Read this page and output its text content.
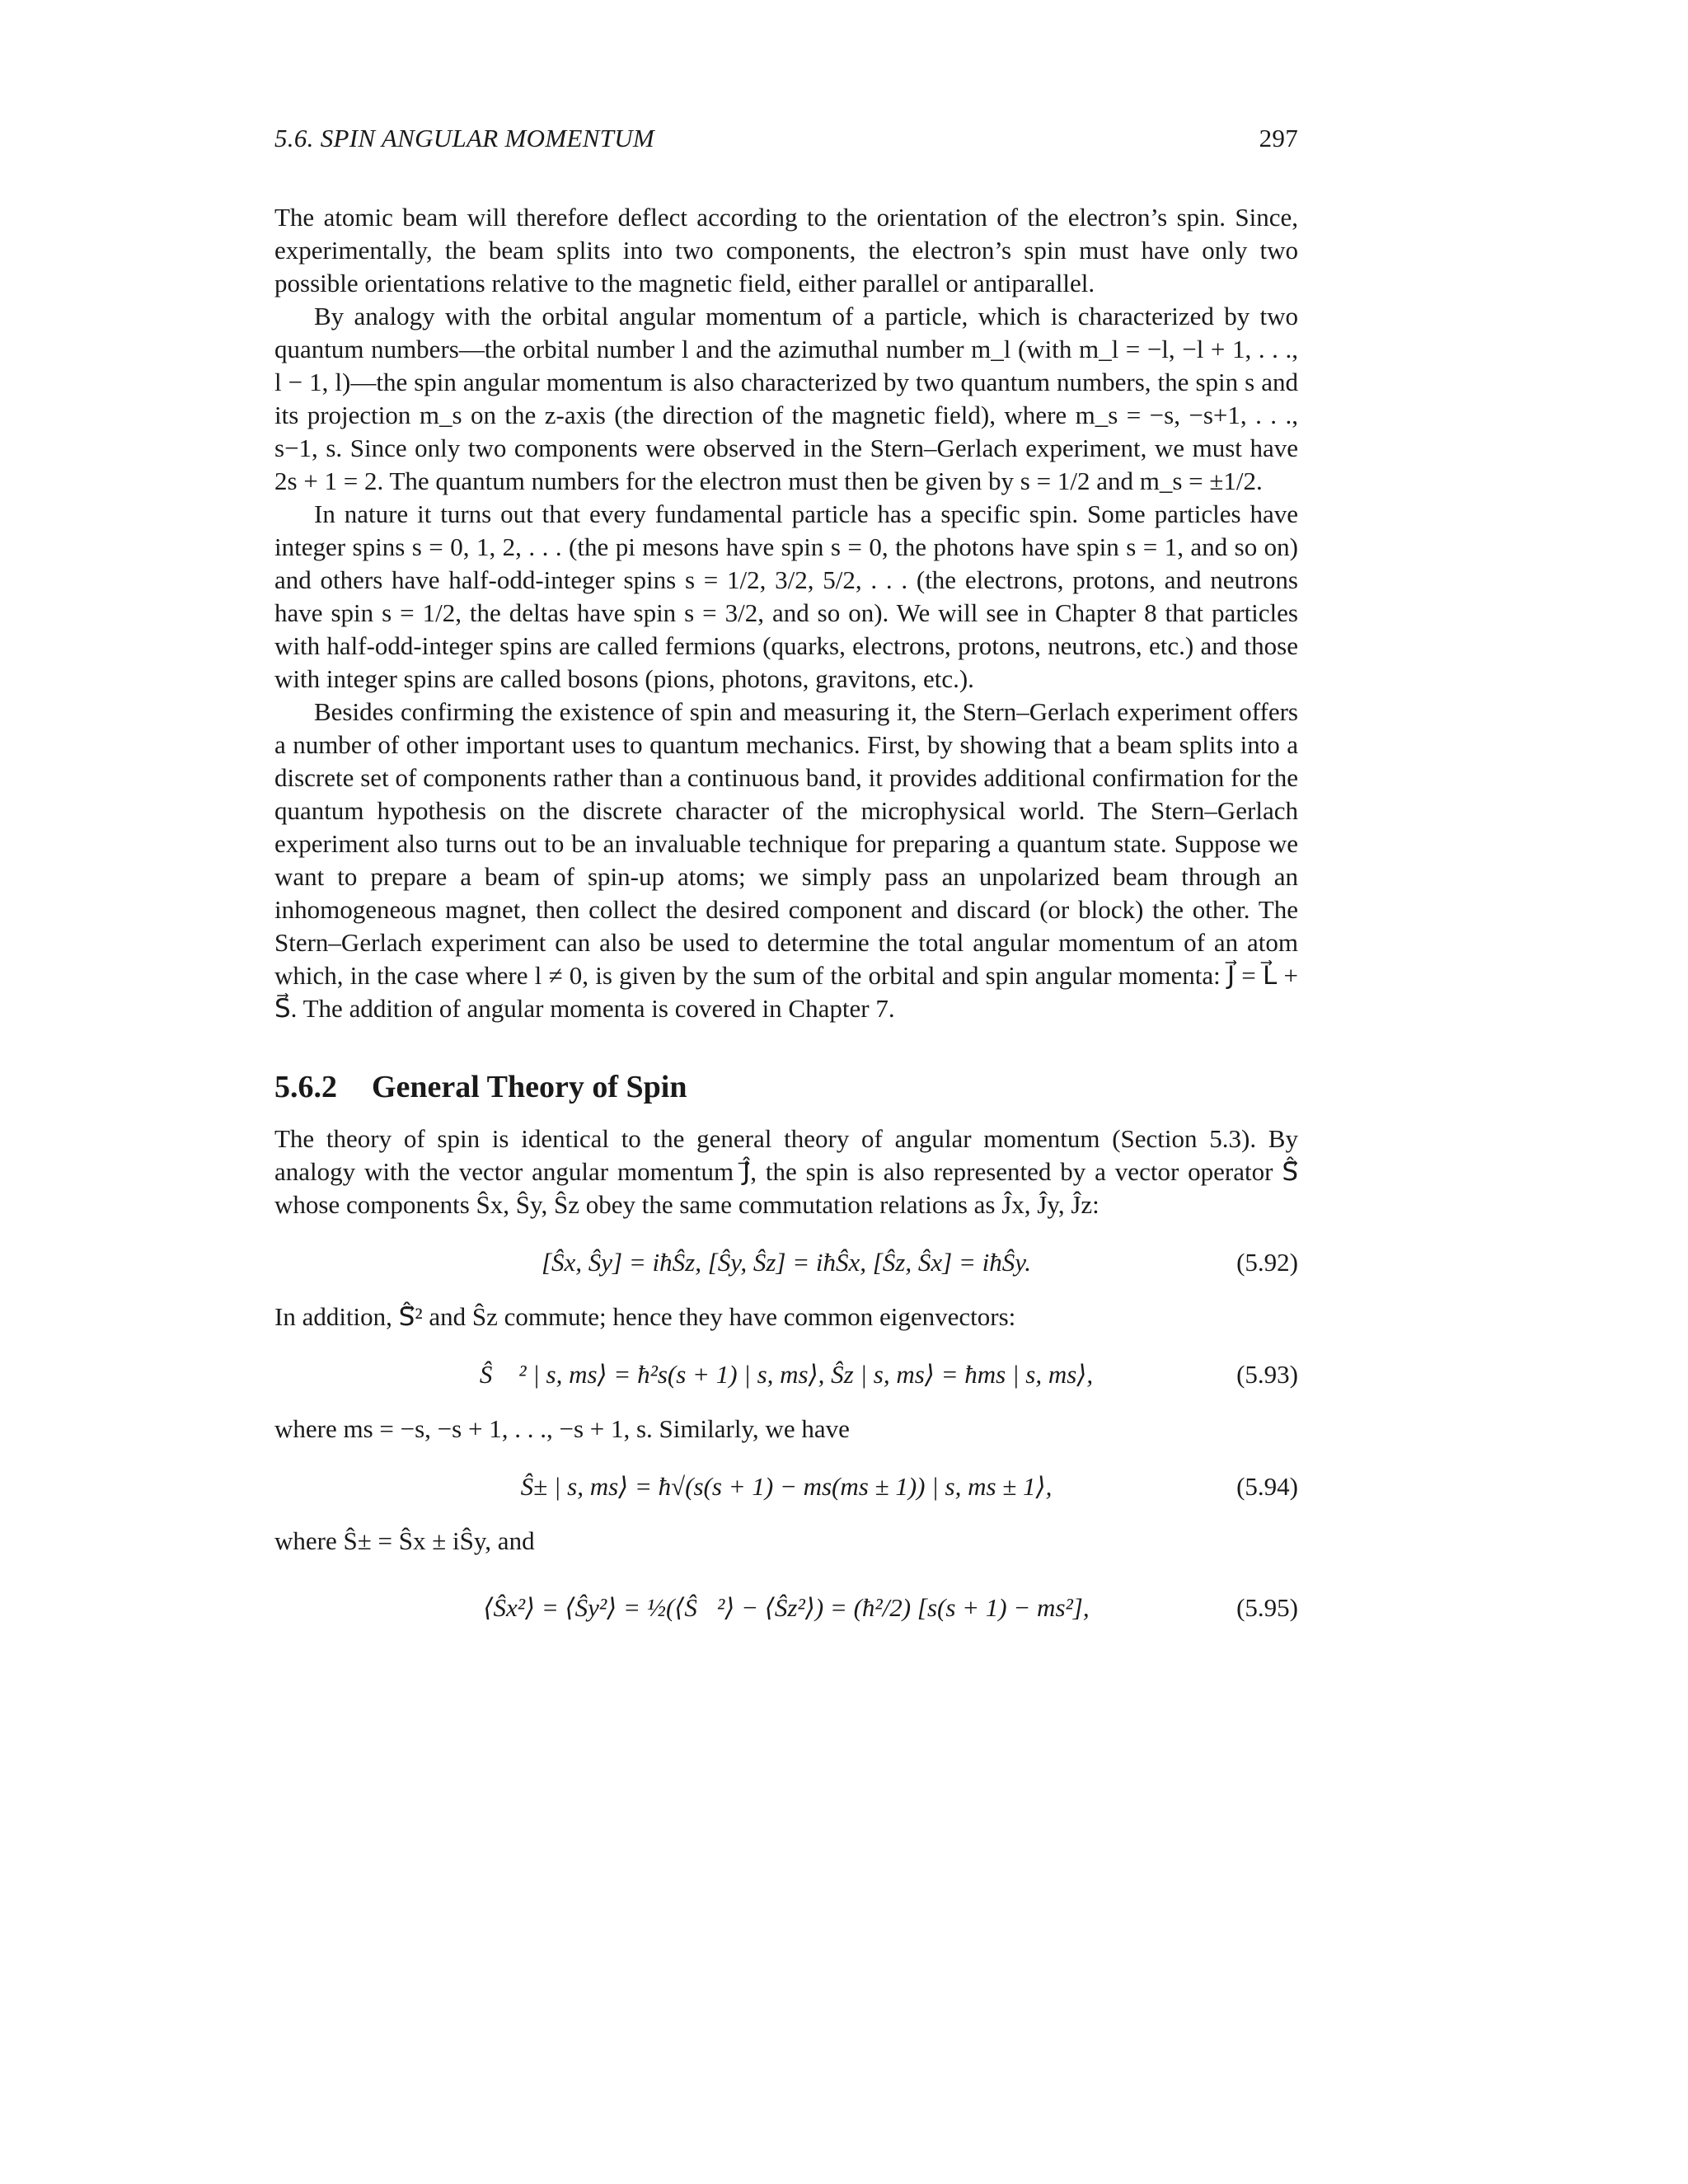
5.6. SPIN ANGULAR MOMENTUM	297

The atomic beam will therefore deflect according to the orientation of the electron’s spin. Since, experimentally, the beam splits into two components, the electron’s spin must have only two possible orientations relative to the magnetic field, either parallel or antiparallel.

By analogy with the orbital angular momentum of a particle, which is characterized by two quantum numbers—the orbital number l and the azimuthal number m_l (with m_l = −l, −l + 1, . . ., l − 1, l)—the spin angular momentum is also characterized by two quantum numbers, the spin s and its projection m_s on the z-axis (the direction of the magnetic field), where m_s = −s, −s+1, . . ., s−1, s. Since only two components were observed in the Stern–Gerlach experiment, we must have 2s + 1 = 2. The quantum numbers for the electron must then be given by s = 1/2 and m_s = ±1/2.

In nature it turns out that every fundamental particle has a specific spin. Some particles have integer spins s = 0, 1, 2, . . . (the pi mesons have spin s = 0, the photons have spin s = 1, and so on) and others have half-odd-integer spins s = 1/2, 3/2, 5/2, . . . (the electrons, protons, and neutrons have spin s = 1/2, the deltas have spin s = 3/2, and so on). We will see in Chapter 8 that particles with half-odd-integer spins are called fermions (quarks, electrons, protons, neutrons, etc.) and those with integer spins are called bosons (pions, photons, gravitons, etc.).

Besides confirming the existence of spin and measuring it, the Stern–Gerlach experiment offers a number of other important uses to quantum mechanics. First, by showing that a beam splits into a discrete set of components rather than a continuous band, it provides additional confirmation for the quantum hypothesis on the discrete character of the microphysical world. The Stern–Gerlach experiment also turns out to be an invaluable technique for preparing a quantum state. Suppose we want to prepare a beam of spin-up atoms; we simply pass an unpolarized beam through an inhomogeneous magnet, then collect the desired component and discard (or block) the other. The Stern–Gerlach experiment can also be used to determine the total angular momentum of an atom which, in the case where l ≠ 0, is given by the sum of the orbital and spin angular momenta: J⃗ = L⃗ + S⃗. The addition of angular momenta is covered in Chapter 7.

5.6.2 General Theory of Spin

The theory of spin is identical to the general theory of angular momentum (Section 5.3). By analogy with the vector angular momentum Ĵ⃗, the spin is also represented by a vector operator Ŝ⃗ whose components Ŝx, Ŝy, Ŝz obey the same commutation relations as Ĵx, Ĵy, Ĵz:

[Ŝx, Ŝy] = iħŜz, [Ŝy, Ŝz] = iħŜx, [Ŝz, Ŝx] = iħŜy.	(5.92)

In addition, Ŝ⃗² and Ŝz commute; hence they have common eigenvectors:

Ŝ⃗ ² | s, ms⟩ = ħ²s(s + 1) | s, ms⟩, Ŝz | s, ms⟩ = ħms | s, ms⟩,	(5.93)

where ms = −s, −s + 1, . . ., −s + 1, s. Similarly, we have

Ŝ± | s, ms⟩ = ħ√(s(s + 1) − ms(ms ± 1)) | s, ms ± 1⟩,	(5.94)

where Ŝ± = Ŝx ± iŜy, and

⟨Ŝx²⟩ = ⟨Ŝy²⟩ = ½(⟨Ŝ⃗²⟩ − ⟨Ŝz²⟩) = (ħ²/2) [s(s + 1) − ms²],	(5.95)
